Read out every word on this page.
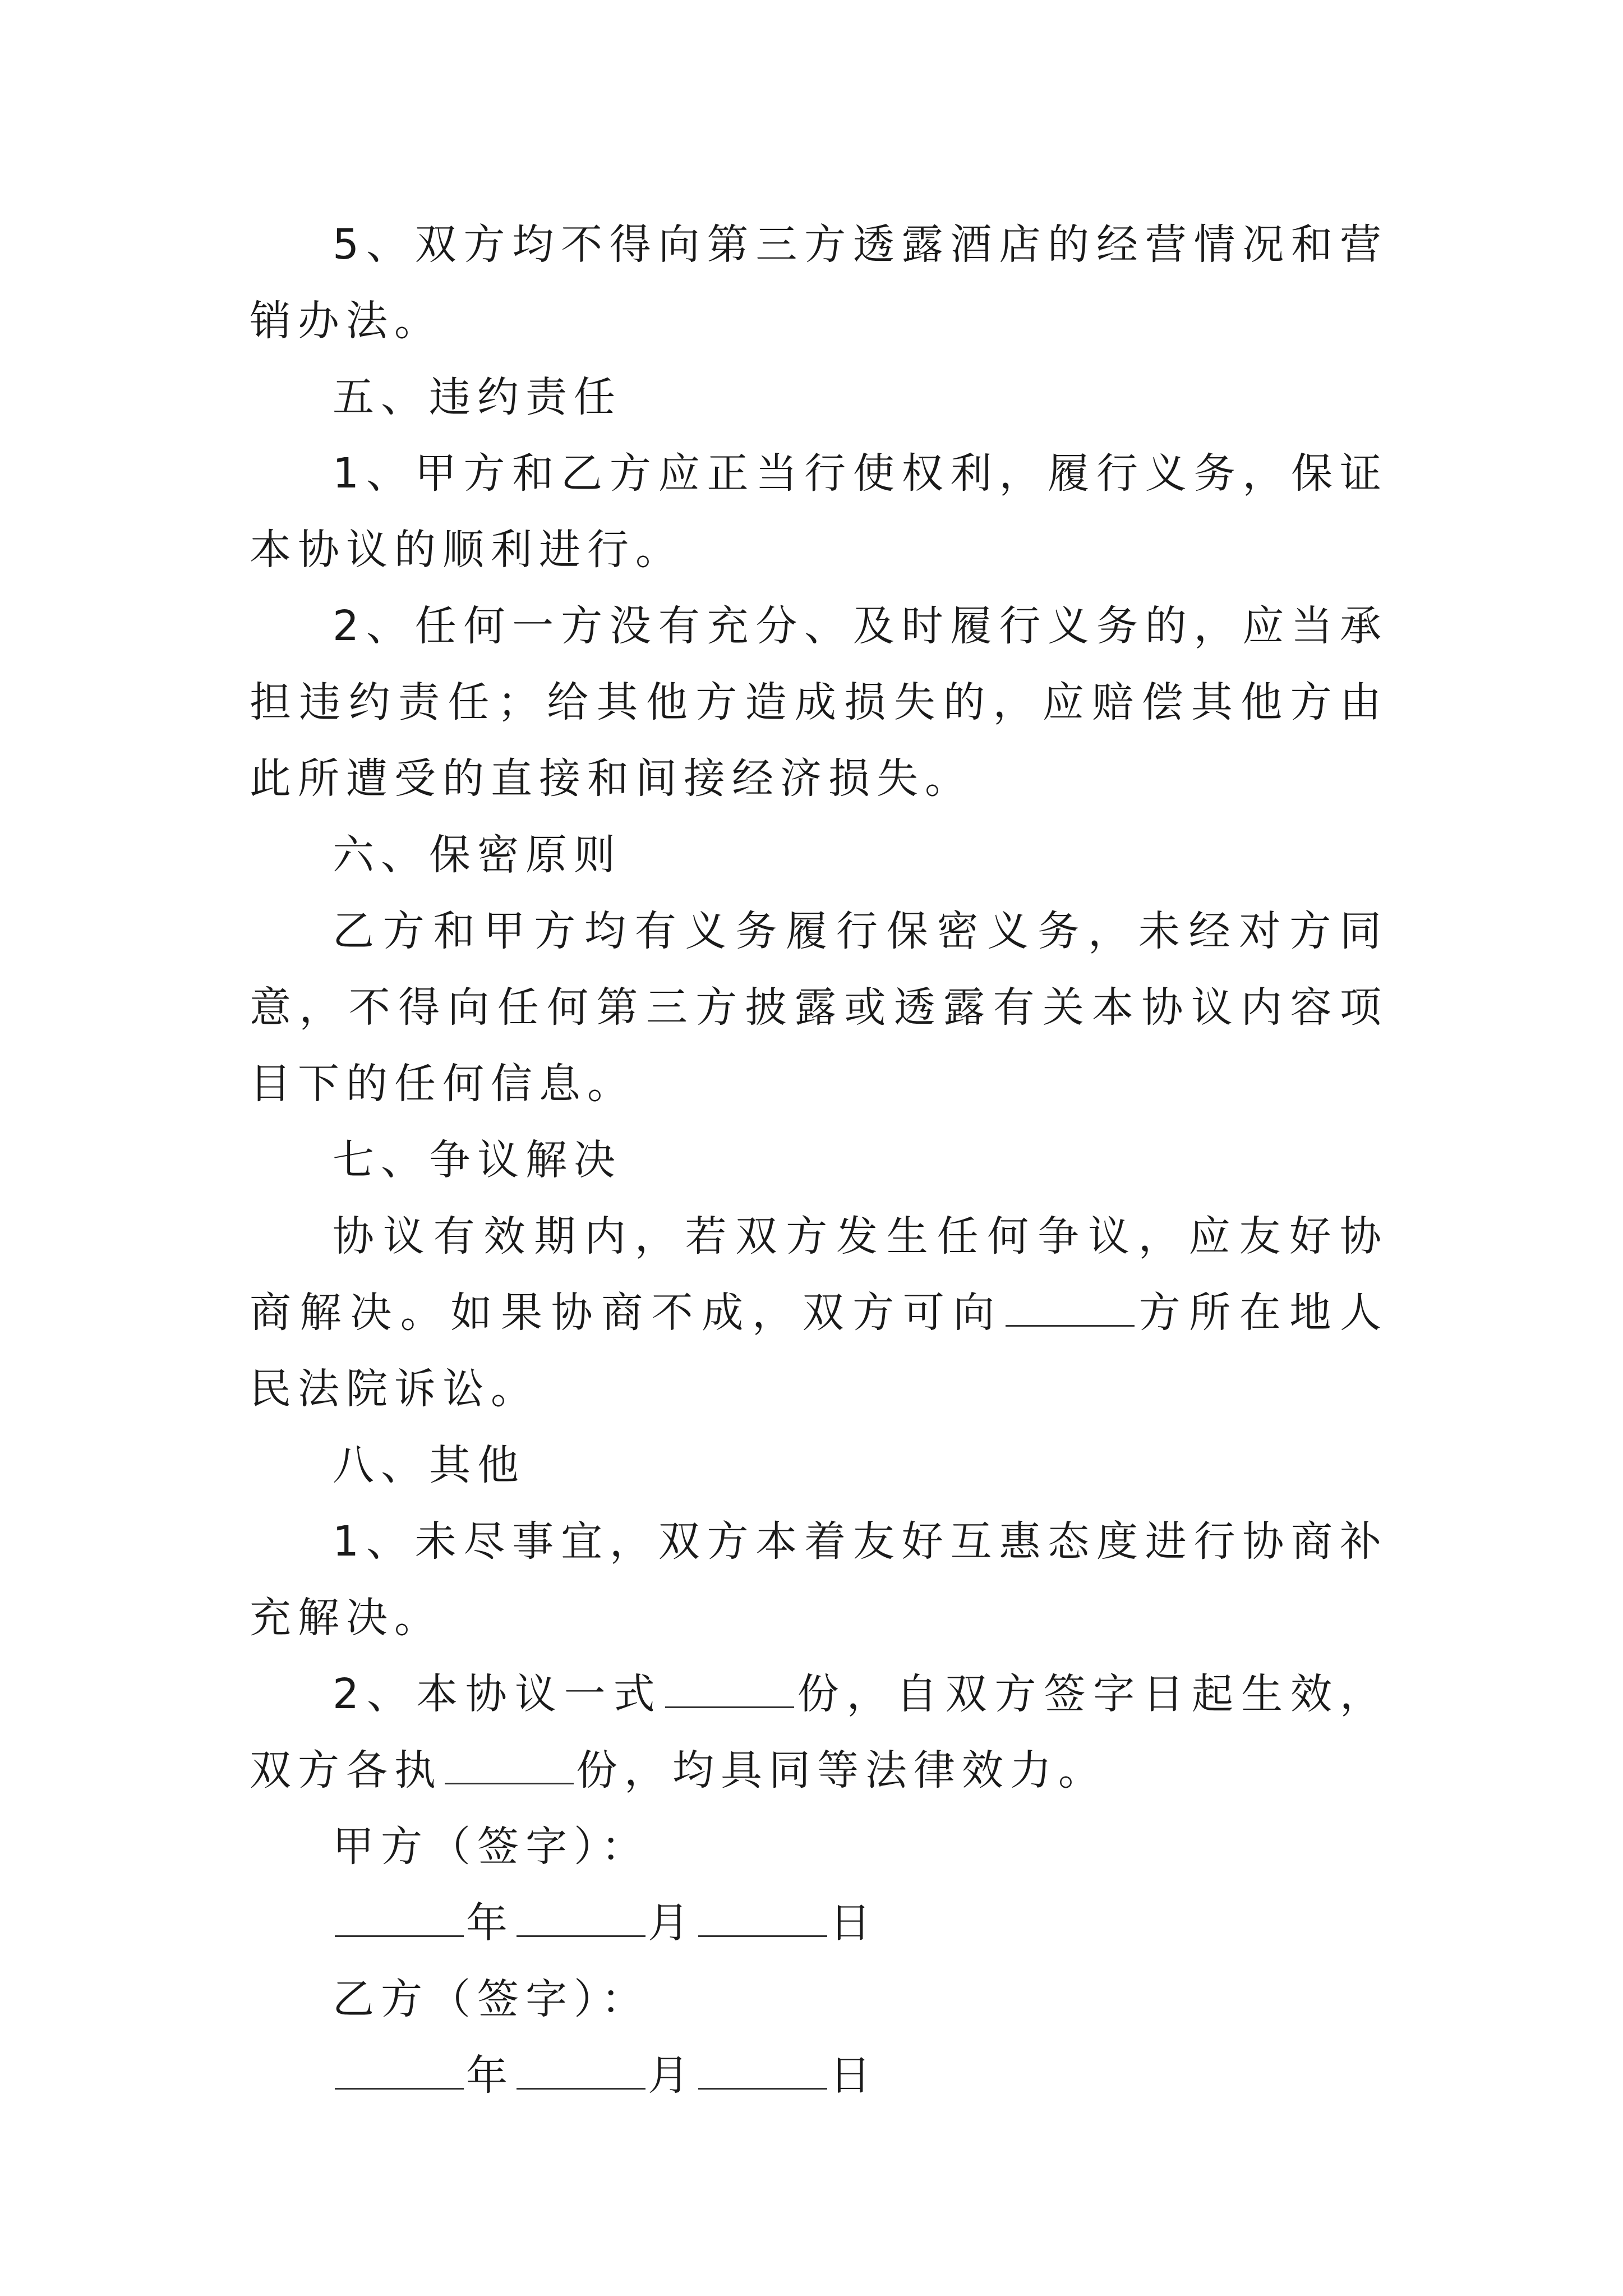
5、双方均不得向第三方透露酒店的经营情况和营销办法。

五、违约责任

1、甲方和乙方应正当行使权利，履行义务，保证本协议的顺利进行。

2、任何一方没有充分、及时履行义务的，应当承担违约责任；给其他方造成损失的，应赔偿其他方由此所遭受的直接和间接经济损失。

六、保密原则

乙方和甲方均有义务履行保密义务，未经对方同意，不得向任何第三方披露或透露有关本协议内容项目下的任何信息。

七、争议解决

协议有效期内，若双方发生任何争议，应友好协商解决。如果协商不成，双方可向	方所在地人民法院诉讼。

八、其他

1、未尽事宜，双方本着友好互惠态度进行协商补充解决。

2、本协议一式	份，自双方签字日起生效，双方各执	份，均具同等法律效力。

甲方（签字）：

年	月	日

乙方（签字）：

年	月	日
